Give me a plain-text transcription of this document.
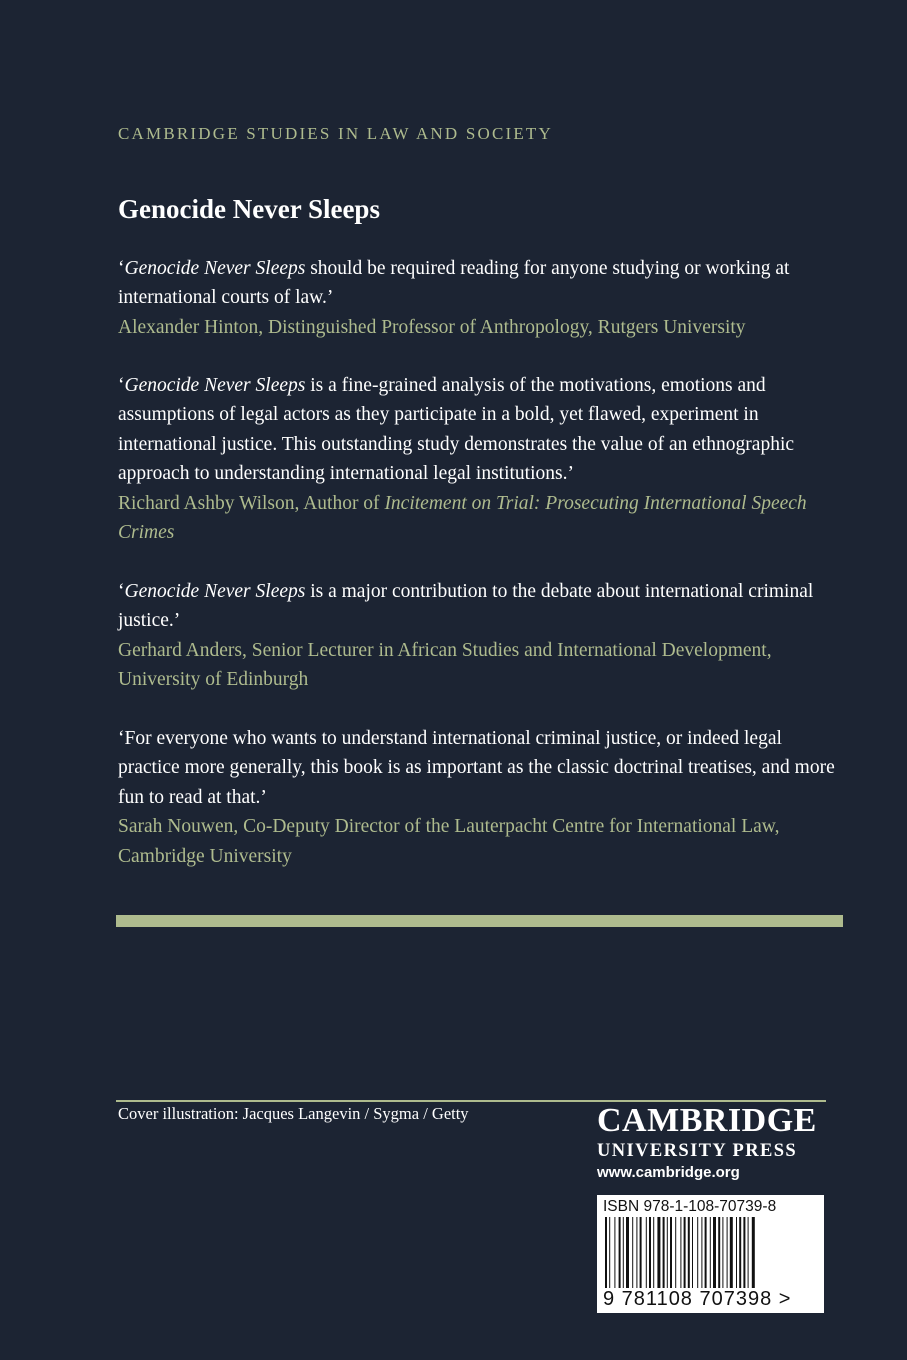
CAMBRIDGE STUDIES IN LAW AND SOCIETY
Genocide Never Sleeps
‘Genocide Never Sleeps should be required reading for anyone studying or working at international courts of law.’
Alexander Hinton, Distinguished Professor of Anthropology, Rutgers University
‘Genocide Never Sleeps is a fine-grained analysis of the motivations, emotions and assumptions of legal actors as they participate in a bold, yet flawed, experiment in international justice. This outstanding study demonstrates the value of an ethnographic approach to understanding international legal institutions.’
Richard Ashby Wilson, Author of Incitement on Trial: Prosecuting International Speech Crimes
‘Genocide Never Sleeps is a major contribution to the debate about international criminal justice.’
Gerhard Anders, Senior Lecturer in African Studies and International Development, University of Edinburgh
‘For everyone who wants to understand international criminal justice, or indeed legal practice more generally, this book is as important as the classic doctrinal treatises, and more fun to read at that.’
Sarah Nouwen, Co-Deputy Director of the Lauterpacht Centre for International Law, Cambridge University
Cover illustration: Jacques Langevin / Sygma / Getty	CAMBRIDGE
UNIVERSITY PRESS
www.cambridge.org
ISBN 978-1-108-70739-8
9 781108 707398 >
